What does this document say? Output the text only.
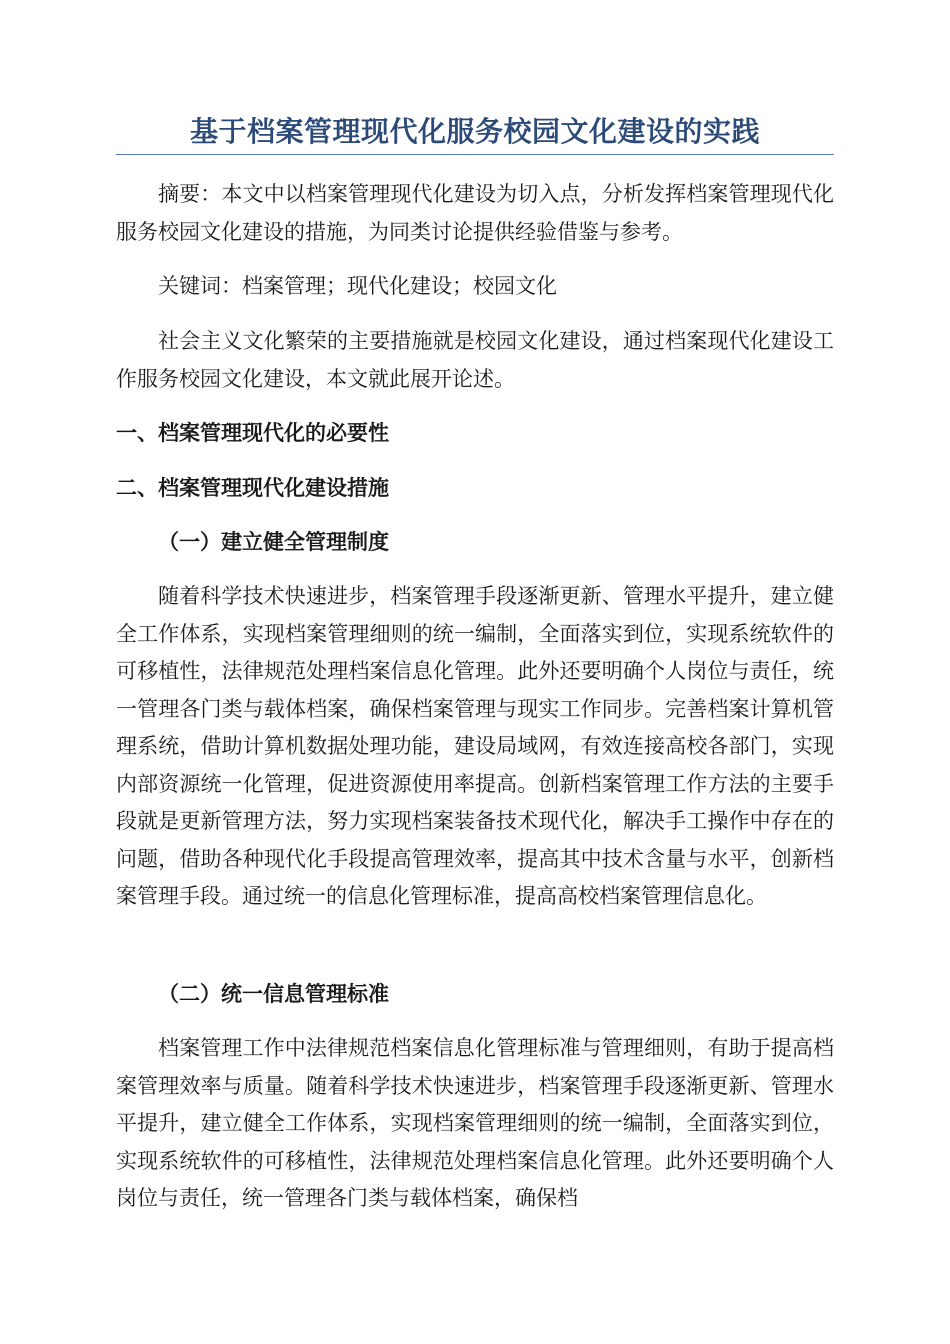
基于档案管理现代化服务校园文化建设的实践

摘要：本文中以档案管理现代化建设为切入点，分析发挥档案管理现代化服务校园文化建设的措施，为同类讨论提供经验借鉴与参考。

关键词：档案管理；现代化建设；校园文化

社会主义文化繁荣的主要措施就是校园文化建设，通过档案现代化建设工作服务校园文化建设，本文就此展开论述。

一、档案管理现代化的必要性
二、档案管理现代化建设措施
（一）建立健全管理制度

随着科学技术快速进步，档案管理手段逐渐更新、管理水平提升，建立健全工作体系，实现档案管理细则的统一编制，全面落实到位，实现系统软件的可移植性，法律规范处理档案信息化管理。此外还要明确个人岗位与责任，统一管理各门类与载体档案，确保档案管理与现实工作同步。完善档案计算机管理系统，借助计算机数据处理功能，建设局域网，有效连接高校各部门，实现内部资源统一化管理，促进资源使用率提高。创新档案管理工作方法的主要手段就是更新管理方法，努力实现档案装备技术现代化，解决手工操作中存在的问题，借助各种现代化手段提高管理效率，提高其中技术含量与水平，创新档案管理手段。通过统一的信息化管理标准，提高高校档案管理信息化。

（二）统一信息管理标准

档案管理工作中法律规范档案信息化管理标准与管理细则，有助于提高档案管理效率与质量。随着科学技术快速进步，档案管理手段逐渐更新、管理水平提升，建立健全工作体系，实现档案管理细则的统一编制，全面落实到位，实现系统软件的可移植性，法律规范处理档案信息化管理。此外还要明确个人岗位与责任，统一管理各门类与载体档案，确保档
